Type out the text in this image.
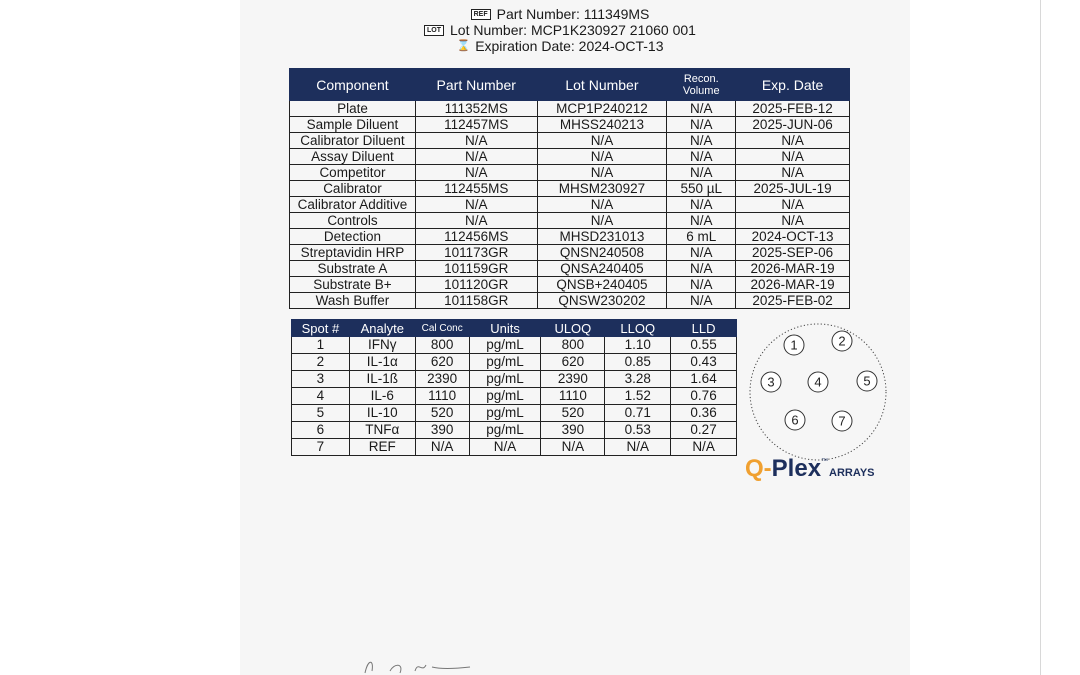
REF Part Number: 111349MS
LOT Lot Number: MCP1K230927 21060 001
⌛ Expiration Date: 2024-OCT-13
Component	Part Number	Lot Number	Recon. Volume	Exp. Date
Plate	111352MS	MCP1P240212	N/A	2025-FEB-12
Sample Diluent	112457MS	MHSS240213	N/A	2025-JUN-06
Calibrator Diluent	N/A	N/A	N/A	N/A
Assay Diluent	N/A	N/A	N/A	N/A
Competitor	N/A	N/A	N/A	N/A
Calibrator	112455MS	MHSM230927	550 µL	2025-JUL-19
Calibrator Additive	N/A	N/A	N/A	N/A
Controls	N/A	N/A	N/A	N/A
Detection	112456MS	MHSD231013	6 mL	2024-OCT-13
Streptavidin HRP	101173GR	QNSN240508	N/A	2025-SEP-06
Substrate A	101159GR	QNSA240405	N/A	2026-MAR-19
Substrate B+	101120GR	QNSB+240405	N/A	2026-MAR-19
Wash Buffer	101158GR	QNSW230202	N/A	2025-FEB-02
Spot #	Analyte	Cal Conc	Units	ULOQ	LLOQ	LLD
1	IFNγ	800	pg/mL	800	1.10	0.55
2	IL-1α	620	pg/mL	620	0.85	0.43
3	IL-1ß	2390	pg/mL	2390	3.28	1.64
4	IL-6	1110	pg/mL	1110	1.52	0.76
5	IL-10	520	pg/mL	520	0.71	0.36
6	TNFα	390	pg/mL	390	0.53	0.27
7	REF	N/A	N/A	N/A	N/A	N/A
1	2
3	4	5
6	7
Q-Plex™ARRAYS
